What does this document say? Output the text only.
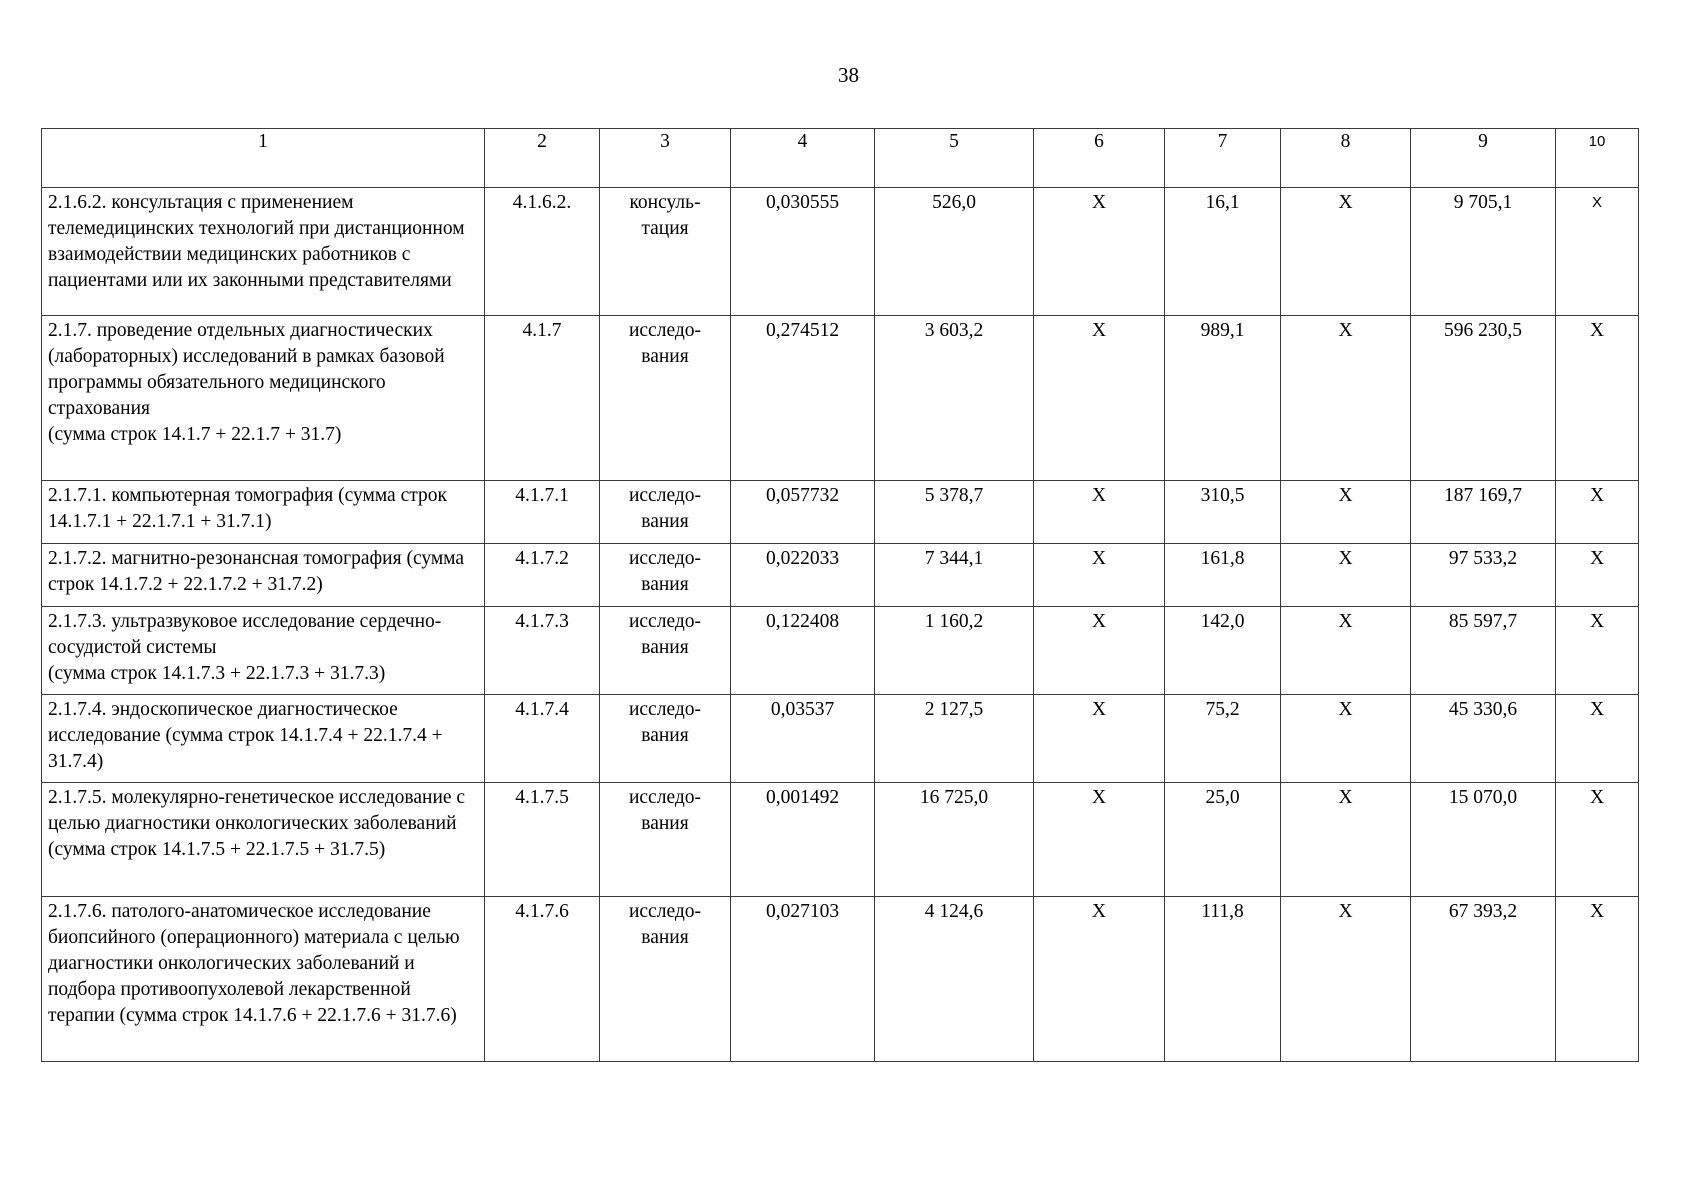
38
1	2	3	4	5	6	7	8	9	10
2.1.6.2. консультация с применением телемедицинских технологий при дистанционном взаимодействии медицинских работников с пациентами или их законными представителями	4.1.6.2.	консуль-
тация	0,030555	526,0	X	16,1	X	9 705,1	X
2.1.7. проведение отдельных диагностических (лабораторных) исследований в рамках базовой программы обязательного медицинского страхования
(сумма строк 14.1.7 + 22.1.7 + 31.7)	4.1.7	исследо-
вания	0,274512	3 603,2	X	989,1	X	596 230,5	X
2.1.7.1. компьютерная томография (сумма строк 14.1.7.1 + 22.1.7.1 + 31.7.1)	4.1.7.1	исследо-
вания	0,057732	5 378,7	X	310,5	X	187 169,7	X
2.1.7.2. магнитно-резонансная томография (сумма строк 14.1.7.2 + 22.1.7.2 + 31.7.2)	4.1.7.2	исследо-
вания	0,022033	7 344,1	X	161,8	X	97 533,2	X
2.1.7.3. ультразвуковое исследование сердечно-сосудистой системы
(сумма строк 14.1.7.3 + 22.1.7.3 + 31.7.3)	4.1.7.3	исследо-
вания	0,122408	1 160,2	X	142,0	X	85 597,7	X
2.1.7.4. эндоскопическое диагностическое исследование (сумма строк 14.1.7.4 + 22.1.7.4 + 31.7.4)	4.1.7.4	исследо-
вания	0,03537	2 127,5	X	75,2	X	45 330,6	X
2.1.7.5. молекулярно-генетическое исследование с целью диагностики онкологических заболеваний (сумма строк 14.1.7.5 + 22.1.7.5 + 31.7.5)	4.1.7.5	исследо-
вания	0,001492	16 725,0	X	25,0	X	15 070,0	X
2.1.7.6. патолого-анатомическое исследование биопсийного (операционного) материала с целью диагностики онкологических заболеваний и подбора противоопухолевой лекарственной терапии (сумма строк 14.1.7.6 + 22.1.7.6 + 31.7.6)	4.1.7.6	исследо-
вания	0,027103	4 124,6	X	111,8	X	67 393,2	X
